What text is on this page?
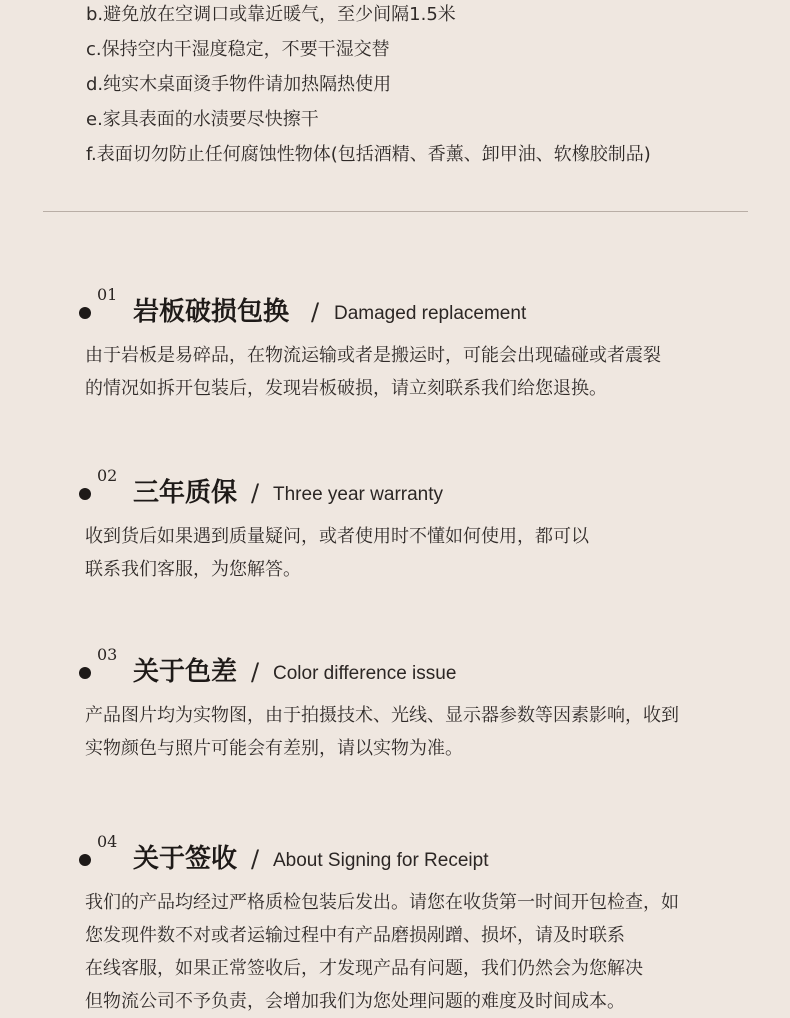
b.避免放在空调口或靠近暖气，至少间隔1.5米
c.保持空内干湿度稳定，不要干湿交替
d.纯实木桌面烫手物件请加热隔热使用
e.家具表面的水渍要尽快擦干
f.表面切勿防止任何腐蚀性物体(包括酒精、香薰、卸甲油、软橡胶制品)
01
岩板破损包换 / Damaged replacement
由于岩板是易碎品，在物流运输或者是搬运时，可能会出现磕碰或者震裂
的情况如拆开包装后，发现岩板破损，请立刻联系我们给您退换。
02
三年质保 / Three year warranty
收到货后如果遇到质量疑问，或者使用时不懂如何使用，都可以
联系我们客服，为您解答。
03
关于色差 / Color difference issue
产品图片均为实物图，由于拍摄技术、光线、显示器参数等因素影响，收到
实物颜色与照片可能会有差别，请以实物为准。
04
关于签收 / About Signing for Receipt
我们的产品均经过严格质检包装后发出。请您在收货第一时间开包检查，如
您发现件数不对或者运输过程中有产品磨损剐蹭、损坏，请及时联系
在线客服，如果正常签收后，才发现产品有问题，我们仍然会为您解决
但物流公司不予负责，会增加我们为您处理问题的难度及时间成本。
